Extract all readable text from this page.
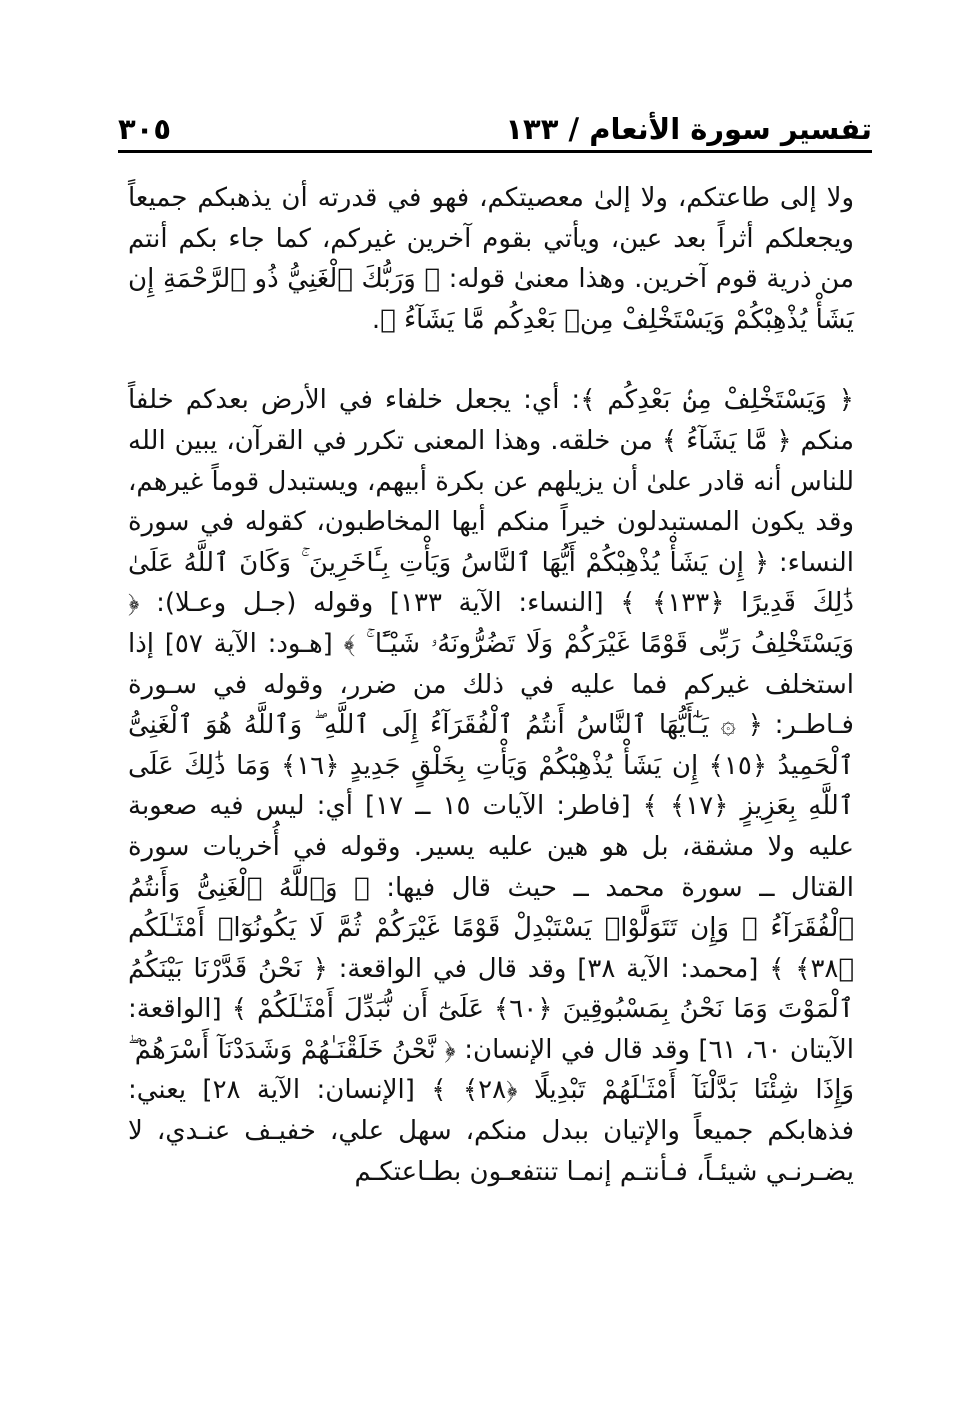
تفسير سورة الأنعام / ١٣٣
٣٠٥

ولا إلى طاعتكم، ولا إلىٰ معصيتكم، فهو في قدرته أن يذهبكم جميعاً ويجعلكم أثراً بعد عين، ويأتي بقوم آخرين غيركم، كما جاء بكم أنتم من ذرية قوم آخرين. وهذا معنىٰ قوله: ﴿ وَرَبُّكَ ٱلْغَنِيُّ ذُو ٱلرَّحْمَةِ إِن يَشَأْ يُذْهِبْكُمْ وَيَسْتَخْلِفْ مِنۢ بَعْدِكُم مَّا يَشَآءُ ﴾.

﴿ وَيَسْتَخْلِفْ مِنۢ بَعْدِكُم ﴾: أي: يجعل خلفاء في الأرض بعدكم خلفاً منكم ﴿ مَّا يَشَآءُ ﴾ من خلقه. وهذا المعنى تكرر في القرآن، يبين الله للناس أنه قادر علىٰ أن يزيلهم عن بكرة أبيهم، ويستبدل قوماً غيرهم، وقد يكون المستبدلون خيراً منكم أيها المخاطبون، كقوله في سورة النساء: ﴿ إِن يَشَأْ يُذْهِبْكُمْ أَيُّهَا ٱلنَّاسُ وَيَأْتِ بِـَٔاخَرِينَ ۚ وَكَانَ ٱللَّهُ عَلَىٰ ذَٰلِكَ قَدِيرًا ﴿١٣٣﴾ ﴾ [النساء: الآية ١٣٣] وقوله (جـل وعـلا): ﴿ وَيَسْتَخْلِفُ رَبِّى قَوْمًا غَيْرَكُمْ وَلَا تَضُرُّونَهُۥ شَيْـًٔا ۚ ﴾ [هـود: الآية ٥٧] إذا استخلف غيركم فما عليه في ذلك من ضرر، وقوله في سـورة فـاطـر: ﴿ ۞ يَـٰٓأَيُّهَا ٱلنَّاسُ أَنتُمُ ٱلْفُقَرَآءُ إِلَى ٱللَّهِ ۖ وَٱللَّهُ هُوَ ٱلْغَنِىُّ ٱلْحَمِيدُ ﴿١٥﴾ إِن يَشَأْ يُذْهِبْكُمْ وَيَأْتِ بِخَلْقٍ جَدِيدٍ ﴿١٦﴾ وَمَا ذَٰلِكَ عَلَى ٱللَّهِ بِعَزِيزٍ ﴿١٧﴾ ﴾ [فاطر: الآيات ١٥ ــ ١٧] أي: ليس فيه صعوبة عليه ولا مشقة، بل هو هين عليه يسير. وقوله في أُخريات سورة القتال ــ سورة محمد ــ حيث قال فيها: ﴿ وَٱللَّهُ ٱلْغَنِىُّ وَأَنتُمُ ٱلْفُقَرَآءُ ۚ وَإِن تَتَوَلَّوْا۟ يَسْتَبْدِلْ قَوْمًا غَيْرَكُمْ ثُمَّ لَا يَكُونُوٓا۟ أَمْثَـٰلَكُم ﴿٣٨﴾ ﴾ [محمد: الآية ٣٨] وقد قال في الواقعة: ﴿ نَحْنُ قَدَّرْنَا بَيْنَكُمُ ٱلْمَوْتَ وَمَا نَحْنُ بِمَسْبُوقِينَ ﴿٦٠﴾ عَلَىٰٓ أَن نُّبَدِّلَ أَمْثَـٰلَكُمْ ﴾ [الواقعة: الآيتان ٦٠، ٦١] وقد قال في الإنسان: ﴿ نَّحْنُ خَلَقْنَـٰهُمْ وَشَدَدْنَآ أَسْرَهُمْ ۖ وَإِذَا شِئْنَا بَدَّلْنَآ أَمْثَـٰلَهُمْ تَبْدِيلًا ﴿٢٨﴾ ﴾ [الإنسان: الآية ٢٨] يعني: فذهابكم جميعاً والإتيان ببدل منكم، سهل علي، خفيـف عنـدي، لا يضـرنـي شيئـاً، فـأنتـم إنمـا تنتفعـون بطـاعتكـم
